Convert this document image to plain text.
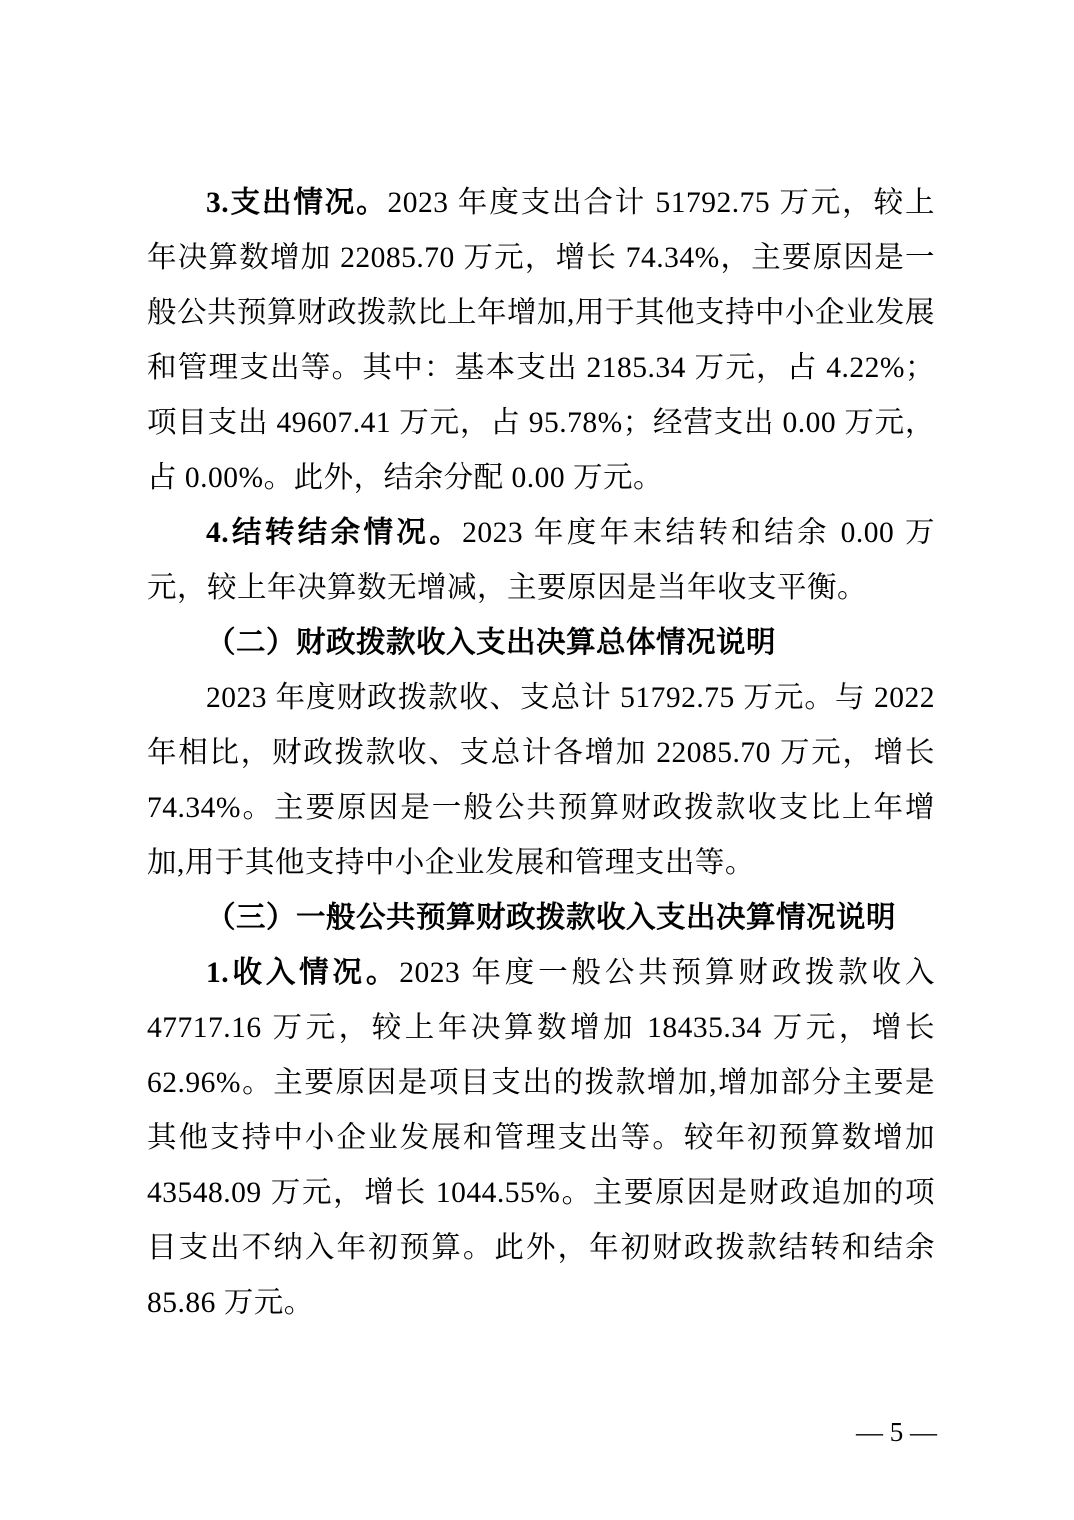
3.支出情况。2023 年度支出合计 51792.75 万元，较上年决算数增加 22085.70 万元，增长 74.34%，主要原因是一般公共预算财政拨款比上年增加,用于其他支持中小企业发展和管理支出等。其中：基本支出 2185.34 万元，占 4.22%；项目支出 49607.41 万元，占 95.78%；经营支出 0.00 万元，占 0.00%。此外，结余分配 0.00 万元。

4.结转结余情况。2023 年度年末结转和结余 0.00 万元，较上年决算数无增减，主要原因是当年收支平衡。

（二）财政拨款收入支出决算总体情况说明

2023 年度财政拨款收、支总计 51792.75 万元。与 2022 年相比，财政拨款收、支总计各增加 22085.70 万元，增长 74.34%。主要原因是一般公共预算财政拨款收支比上年增加,用于其他支持中小企业发展和管理支出等。

（三）一般公共预算财政拨款收入支出决算情况说明

1.收入情况。2023 年度一般公共预算财政拨款收入 47717.16 万元，较上年决算数增加 18435.34 万元，增长 62.96%。主要原因是项目支出的拨款增加,增加部分主要是其他支持中小企业发展和管理支出等。较年初预算数增加 43548.09 万元，增长 1044.55%。主要原因是财政追加的项目支出不纳入年初预算。此外，年初财政拨款结转和结余 85.86 万元。

— 5 —
